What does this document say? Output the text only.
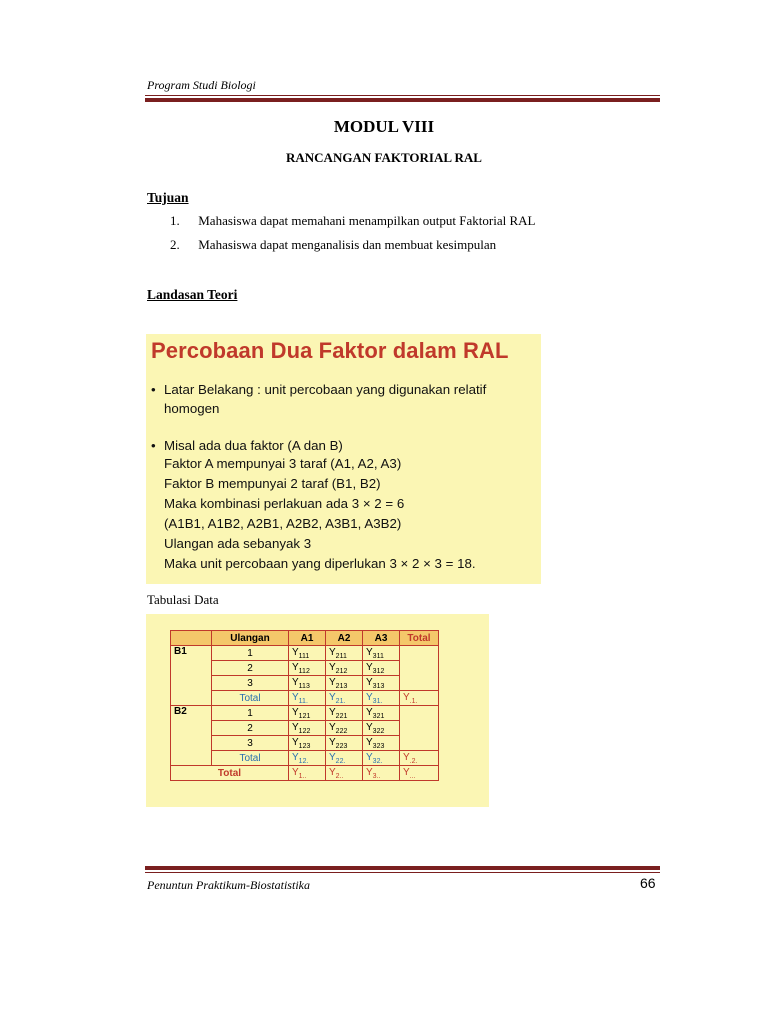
Program Studi Biologi
MODUL VIII
RANCANGAN FAKTORIAL RAL
Tujuan
1. Mahasiswa dapat memahani menampilkan output Faktorial RAL
2. Mahasiswa dapat menganalisis dan membuat kesimpulan
Landasan Teori
Percobaan Dua Faktor dalam RAL
• Latar Belakang : unit percobaan yang digunakan relatif
homogen
• Misal ada dua faktor (A dan B)
Faktor A mempunyai 3 taraf (A1, A2, A3)
Faktor B mempunyai 2 taraf (B1, B2)
Maka kombinasi perlakuan ada 3 × 2 = 6
(A1B1, A1B2, A2B1, A2B2, A3B1, A3B2)
Ulangan ada sebanyak 3
Maka unit percobaan yang diperlukan 3 × 2 × 3 = 18.
Tabulasi Data
	Ulangan	A1	A2	A3	Total
B1	1	$Y_{111}$	$Y_{211}$	$Y_{311}$	
	2	$Y_{112}$	$Y_{212}$	$Y_{312}$
	3	$Y_{113}$	$Y_{213}$	$Y_{313}$
	Total	$Y_{11.}$	$Y_{21.}$	$Y_{31.}$	$Y_{.1.}$
B2	1	$Y_{121}$	$Y_{221}$	$Y_{321}$	
	2	$Y_{122}$	$Y_{222}$	$Y_{322}$
	3	$Y_{123}$	$Y_{223}$	$Y_{323}$
	Total	$Y_{12.}$	$Y_{22.}$	$Y_{32.}$	$Y_{.2.}$
Total		$Y_{1..}$	$Y_{2..}$	$Y_{3..}$	$Y_{...}$
Penuntun Praktikum-Biostatistika	66
